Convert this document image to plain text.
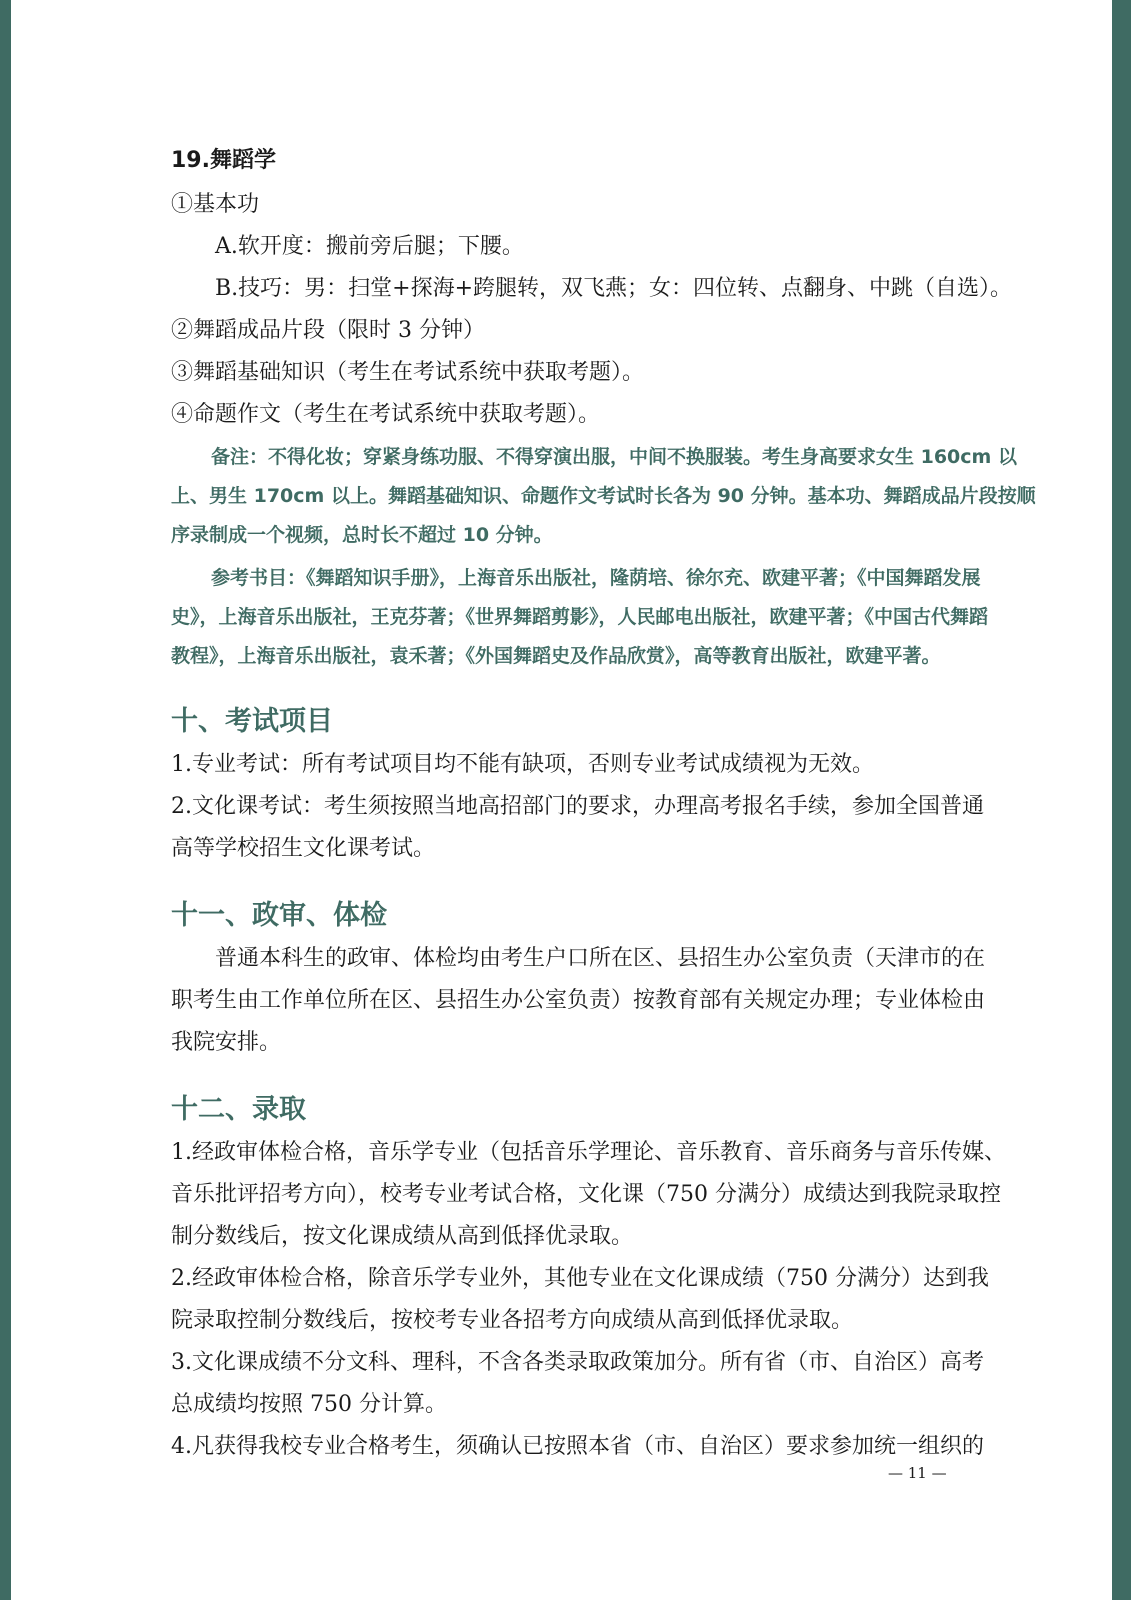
19.舞蹈学
①基本功
A.软开度：搬前旁后腿；下腰。
B.技巧：男：扫堂+探海+跨腿转，双飞燕；女：四位转、点翻身、中跳（自选）。
②舞蹈成品片段（限时 3 分钟）
③舞蹈基础知识（考生在考试系统中获取考题）。
④命题作文（考生在考试系统中获取考题）。
备注：不得化妆；穿紧身练功服、不得穿演出服，中间不换服装。考生身高要求女生 160cm 以
上、男生 170cm 以上。舞蹈基础知识、命题作文考试时长各为 90 分钟。基本功、舞蹈成品片段按顺
序录制成一个视频，总时长不超过 10 分钟。
参考书目：《舞蹈知识手册》，上海音乐出版社，隆荫培、徐尔充、欧建平著；《中国舞蹈发展
史》，上海音乐出版社，王克芬著；《世界舞蹈剪影》，人民邮电出版社，欧建平著；《中国古代舞蹈
教程》，上海音乐出版社，袁禾著；《外国舞蹈史及作品欣赏》，高等教育出版社，欧建平著。
十、考试项目
1.专业考试：所有考试项目均不能有缺项，否则专业考试成绩视为无效。
2.文化课考试：考生须按照当地高招部门的要求，办理高考报名手续，参加全国普通
高等学校招生文化课考试。
十一、政审、体检
普通本科生的政审、体检均由考生户口所在区、县招生办公室负责（天津市的在
职考生由工作单位所在区、县招生办公室负责）按教育部有关规定办理；专业体检由
我院安排。
十二、录取
1.经政审体检合格，音乐学专业（包括音乐学理论、音乐教育、音乐商务与音乐传媒、
音乐批评招考方向），校考专业考试合格，文化课（750 分满分）成绩达到我院录取控
制分数线后，按文化课成绩从高到低择优录取。
2.经政审体检合格，除音乐学专业外，其他专业在文化课成绩（750 分满分）达到我
院录取控制分数线后，按校考专业各招考方向成绩从高到低择优录取。
3.文化课成绩不分文科、理科，不含各类录取政策加分。所有省（市、自治区）高考
总成绩均按照 750 分计算。
4.凡获得我校专业合格考生，须确认已按照本省（市、自治区）要求参加统一组织的
— 11 —
